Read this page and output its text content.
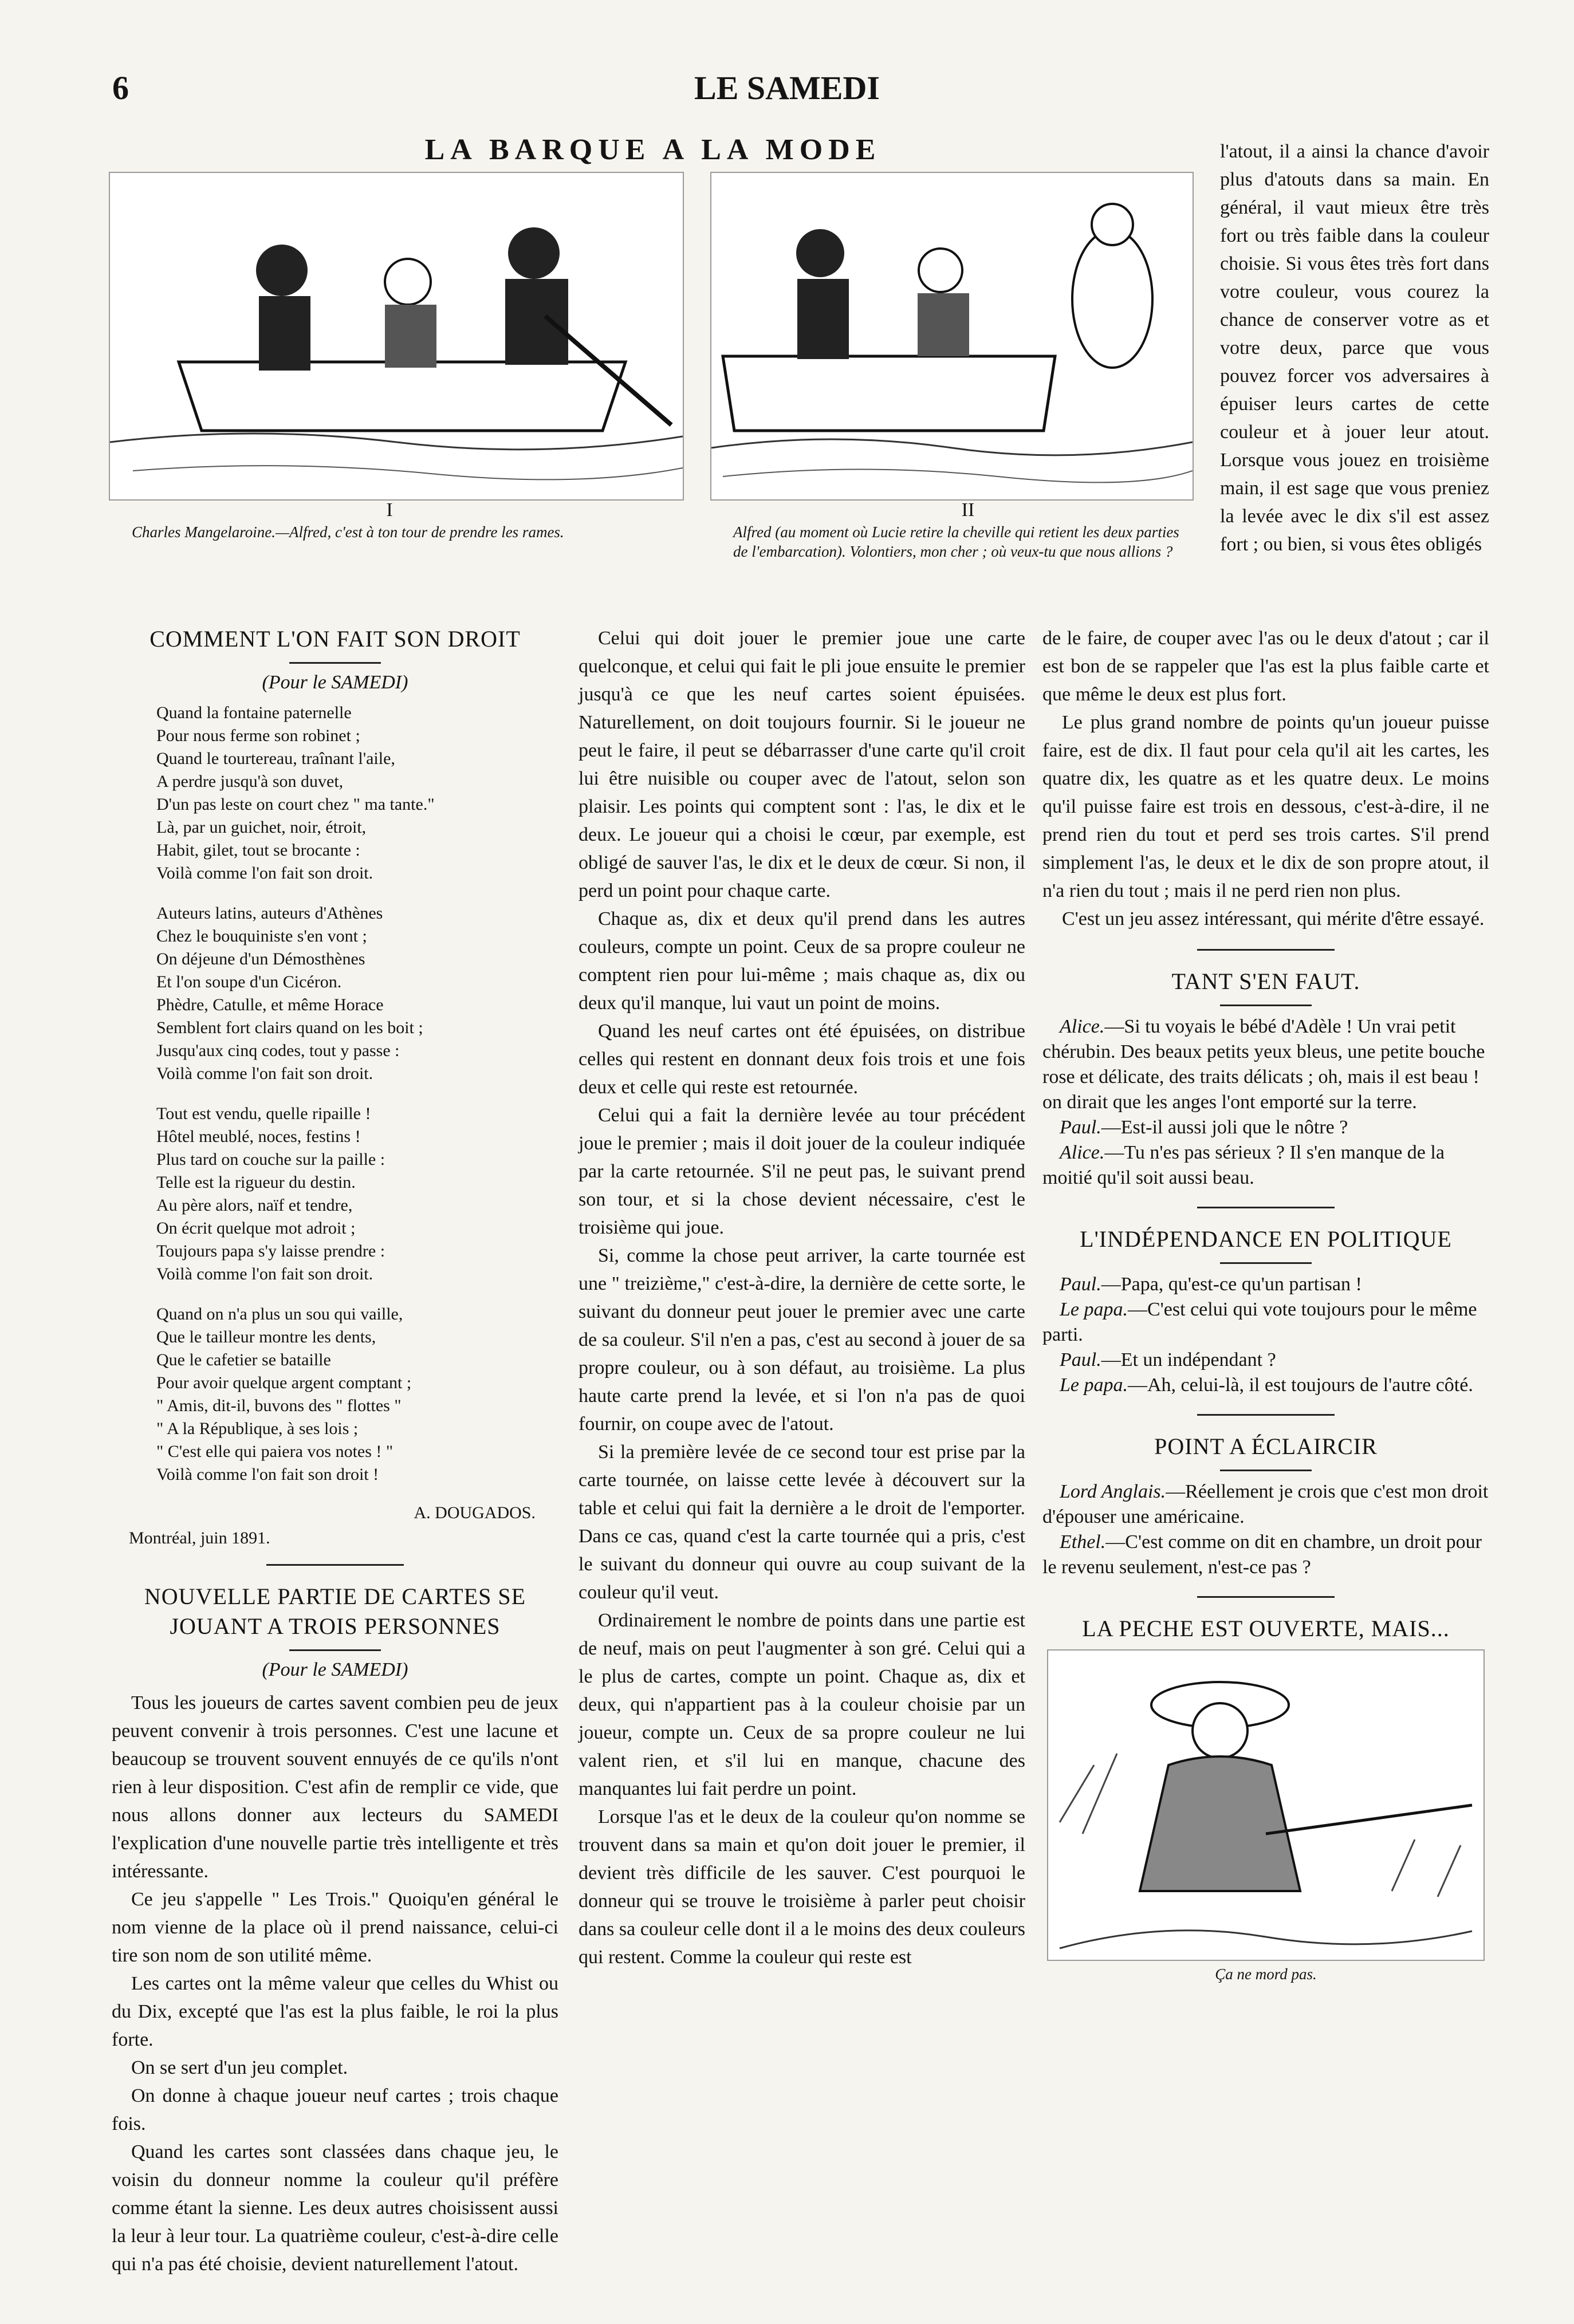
6	LE SAMEDI
LA BARQUE A LA MODE
I
Charles Mangelaroine.—Alfred, c'est à ton tour de prendre les rames.
II
Alfred (au moment où Lucie retire la cheville qui retient les deux parties de l'embarcation). Volontiers, mon cher ; où veux-tu que nous allions ?

l'atout, il a ainsi la chance d'avoir plus d'atouts dans sa main. En général, il vaut mieux être très fort ou très faible dans la couleur choisie. Si vous êtes très fort dans votre couleur, vous courez la chance de conserver votre as et votre deux, parce que vous pouvez forcer vos adversaires à épuiser leurs cartes de cette couleur et à jouer leur atout. Lorsque vous jouez en troisième main, il est sage que vous preniez la levée avec le dix s'il est assez fort ; ou bien, si vous êtes obligés

COMMENT L'ON FAIT SON DROIT
(Pour le SAMEDI)
Quand la fontaine paternelle
Pour nous ferme son robinet ;
Quand le tourtereau, traînant l'aile,
A perdre jusqu'à son duvet,
D'un pas leste on court chez " ma tante."
Là, par un guichet, noir, étroit,
Habit, gilet, tout se brocante :
Voilà comme l'on fait son droit.
Auteurs latins, auteurs d'Athènes
Chez le bouquiniste s'en vont ;
On déjeune d'un Démosthènes
Et l'on soupe d'un Cicéron.
Phèdre, Catulle, et même Horace
Semblent fort clairs quand on les boit ;
Jusqu'aux cinq codes, tout y passe :
Voilà comme l'on fait son droit.
Tout est vendu, quelle ripaille !
Hôtel meublé, noces, festins !
Plus tard on couche sur la paille :
Telle est la rigueur du destin.
Au père alors, naïf et tendre,
On écrit quelque mot adroit ;
Toujours papa s'y laisse prendre :
Voilà comme l'on fait son droit.
Quand on n'a plus un sou qui vaille,
Que le tailleur montre les dents,
Que le cafetier se bataille
Pour avoir quelque argent comptant ;
" Amis, dit-il, buvons des " flottes "
" A la République, à ses lois ;
" C'est elle qui paiera vos notes ! "
Voilà comme l'on fait son droit !
A. DOUGADOS.
Montréal, juin 1891.
NOUVELLE PARTIE DE CARTES SE JOUANT A TROIS PERSONNES
(Pour le SAMEDI)

Tous les joueurs de cartes savent combien peu de jeux peuvent convenir à trois personnes. C'est une lacune et beaucoup se trouvent souvent ennuyés de ce qu'ils n'ont rien à leur disposition. C'est afin de remplir ce vide, que nous allons donner aux lecteurs du SAMEDI l'explication d'une nouvelle partie très intelligente et très intéressante.

Ce jeu s'appelle " Les Trois." Quoiqu'en général le nom vienne de la place où il prend naissance, celui-ci tire son nom de son utilité même.

Les cartes ont la même valeur que celles du Whist ou du Dix, excepté que l'as est la plus faible, le roi la plus forte.

On se sert d'un jeu complet.

On donne à chaque joueur neuf cartes ; trois chaque fois.

Quand les cartes sont classées dans chaque jeu, le voisin du donneur nomme la couleur qu'il préfère comme étant la sienne. Les deux autres choisissent aussi la leur à leur tour. La quatrième couleur, c'est-à-dire celle qui n'a pas été choisie, devient naturellement l'atout.

Celui qui doit jouer le premier joue une carte quelconque, et celui qui fait le pli joue ensuite le premier jusqu'à ce que les neuf cartes soient épuisées. Naturellement, on doit toujours fournir. Si le joueur ne peut le faire, il peut se débarrasser d'une carte qu'il croit lui être nuisible ou couper avec de l'atout, selon son plaisir. Les points qui comptent sont : l'as, le dix et le deux. Le joueur qui a choisi le cœur, par exemple, est obligé de sauver l'as, le dix et le deux de cœur. Si non, il perd un point pour chaque carte.

Chaque as, dix et deux qu'il prend dans les autres couleurs, compte un point. Ceux de sa propre couleur ne comptent rien pour lui-même ; mais chaque as, dix ou deux qu'il manque, lui vaut un point de moins.

Quand les neuf cartes ont été épuisées, on distribue celles qui restent en donnant deux fois trois et une fois deux et celle qui reste est retournée.

Celui qui a fait la dernière levée au tour précédent joue le premier ; mais il doit jouer de la couleur indiquée par la carte retournée. S'il ne peut pas, le suivant prend son tour, et si la chose devient nécessaire, c'est le troisième qui joue.

Si, comme la chose peut arriver, la carte tournée est une " treizième," c'est-à-dire, la dernière de cette sorte, le suivant du donneur peut jouer le premier avec une carte de sa couleur. S'il n'en a pas, c'est au second à jouer de sa propre couleur, ou à son défaut, au troisième. La plus haute carte prend la levée, et si l'on n'a pas de quoi fournir, on coupe avec de l'atout.

Si la première levée de ce second tour est prise par la carte tournée, on laisse cette levée à découvert sur la table et celui qui fait la dernière a le droit de l'emporter. Dans ce cas, quand c'est la carte tournée qui a pris, c'est le suivant du donneur qui ouvre au coup suivant de la couleur qu'il veut.

Ordinairement le nombre de points dans une partie est de neuf, mais on peut l'augmenter à son gré. Celui qui a le plus de cartes, compte un point. Chaque as, dix et deux, qui n'appartient pas à la couleur choisie par un joueur, compte un. Ceux de sa propre couleur ne lui valent rien, et s'il lui en manque, chacune des manquantes lui fait perdre un point.

Lorsque l'as et le deux de la couleur qu'on nomme se trouvent dans sa main et qu'on doit jouer le premier, il devient très difficile de les sauver. C'est pourquoi le donneur qui se trouve le troisième à parler peut choisir dans sa couleur celle dont il a le moins des deux couleurs qui restent. Comme la couleur qui reste est

de le faire, de couper avec l'as ou le deux d'atout ; car il est bon de se rappeler que l'as est la plus faible carte et que même le deux est plus fort.

Le plus grand nombre de points qu'un joueur puisse faire, est de dix. Il faut pour cela qu'il ait les cartes, les quatre dix, les quatre as et les quatre deux. Le moins qu'il puisse faire est trois en dessous, c'est-à-dire, il ne prend rien du tout et perd ses trois cartes. S'il prend simplement l'as, le deux et le dix de son propre atout, il n'a rien du tout ; mais il ne perd rien non plus.

C'est un jeu assez intéressant, qui mérite d'être essayé.

TANT S'EN FAUT.

Alice.—Si tu voyais le bébé d'Adèle ! Un vrai petit chérubin. Des beaux petits yeux bleus, une petite bouche rose et délicate, des traits délicats ; oh, mais il est beau ! on dirait que les anges l'ont emporté sur la terre.

Paul.—Est-il aussi joli que le nôtre ?

Alice.—Tu n'es pas sérieux ? Il s'en manque de la moitié qu'il soit aussi beau.

L'INDÉPENDANCE EN POLITIQUE

Paul.—Papa, qu'est-ce qu'un partisan !

Le papa.—C'est celui qui vote toujours pour le même parti.

Paul.—Et un indépendant ?

Le papa.—Ah, celui-là, il est toujours de l'autre côté.

POINT A ÉCLAIRCIR

Lord Anglais.—Réellement je crois que c'est mon droit d'épouser une américaine.

Ethel.—C'est comme on dit en chambre, un droit pour le revenu seulement, n'est-ce pas ?

LA PECHE EST OUVERTE, MAIS...
Ça ne mord pas.
